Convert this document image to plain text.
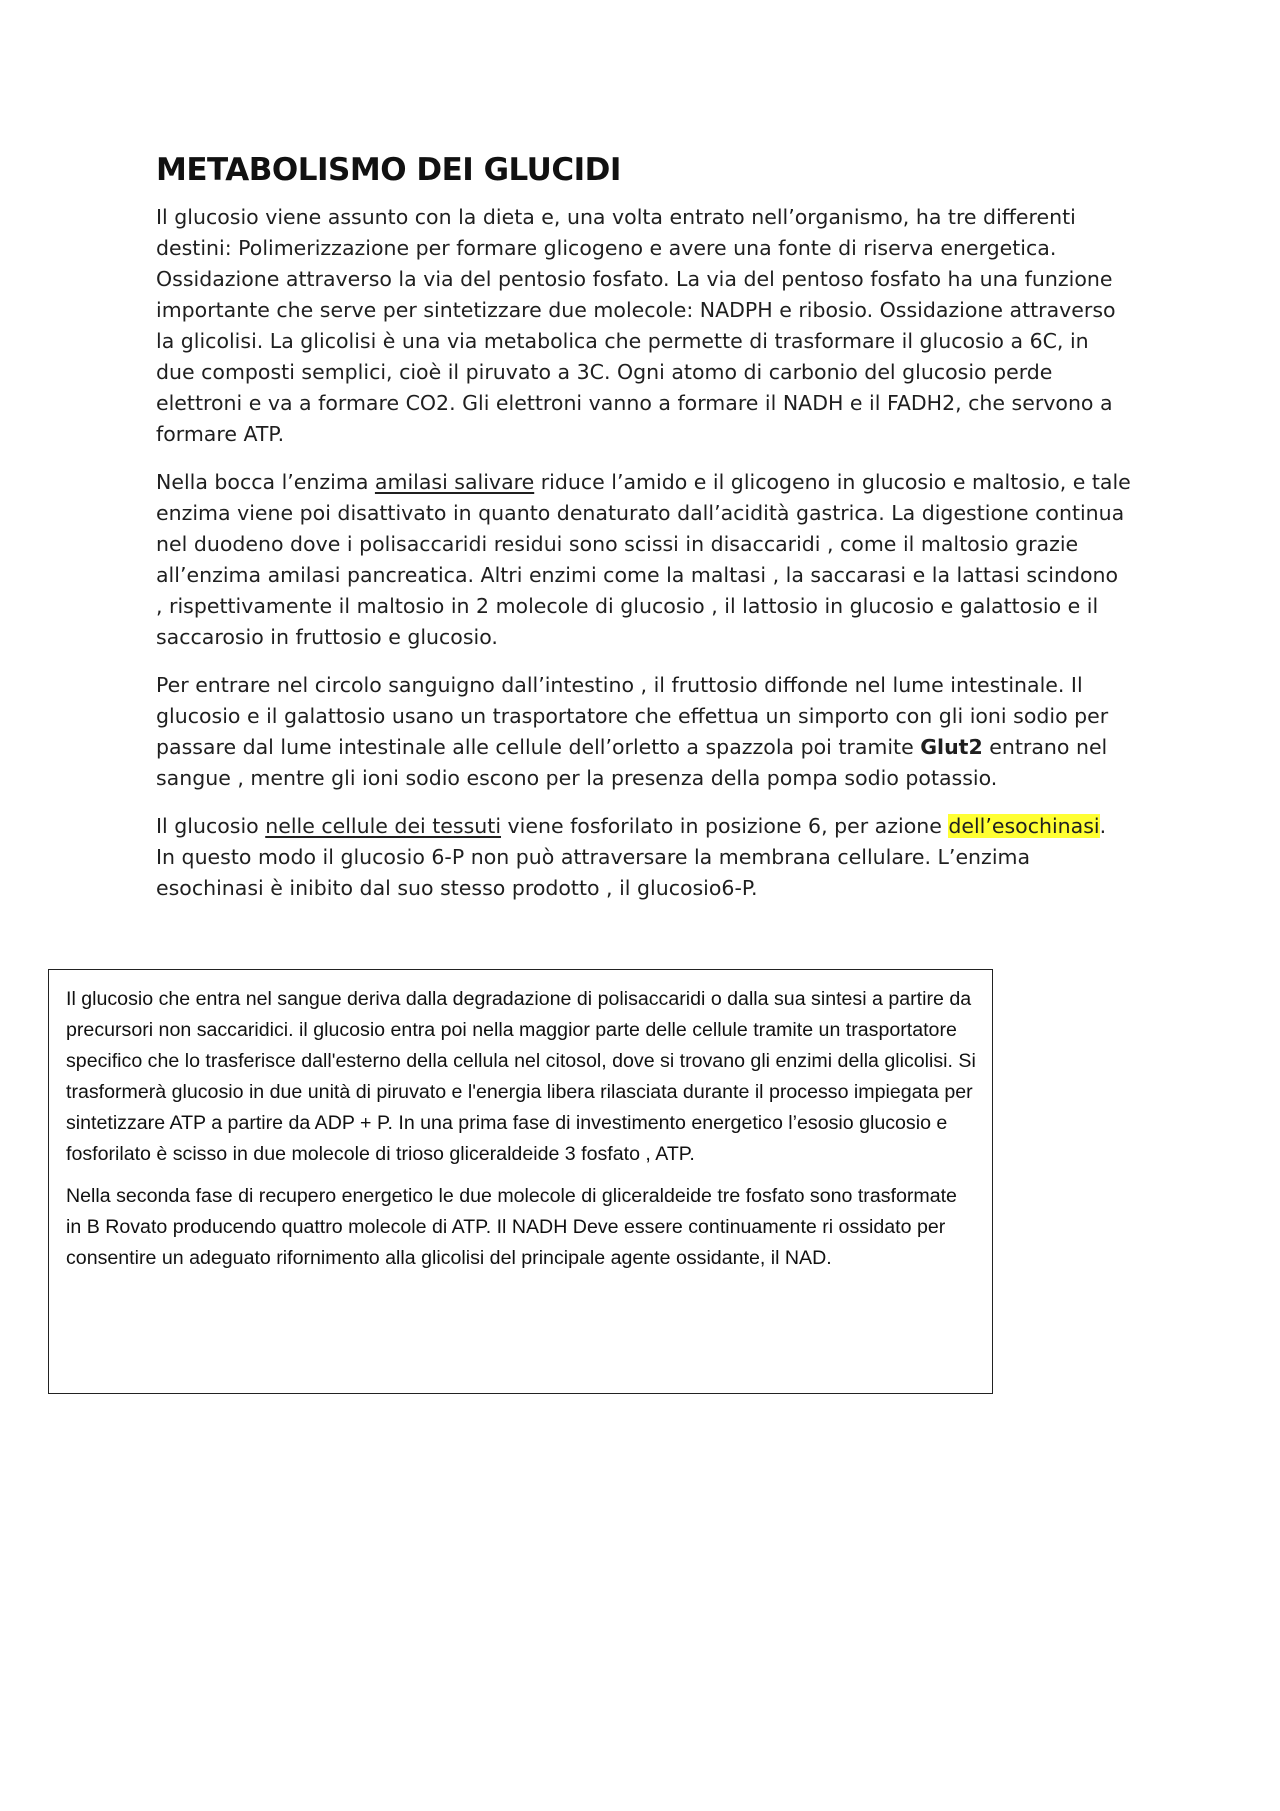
METABOLISMO DEI GLUCIDI
Il glucosio viene assunto con la dieta e, una volta entrato nell’organismo, ha tre differenti destini: Polimerizzazione per formare glicogeno e avere una fonte di riserva energetica. Ossidazione attraverso la via del pentosio fosfato. La via del pentoso fosfato ha una funzione importante che serve per sintetizzare due molecole: NADPH e ribosio. Ossidazione attraverso la glicolisi. La glicolisi è una via metabolica che permette di trasformare il glucosio a 6C, in due composti semplici, cioè il piruvato a 3C. Ogni atomo di carbonio del glucosio perde elettroni e va a formare CO2. Gli elettroni vanno a formare il NADH e il FADH2, che servono a formare ATP.
Nella bocca l’enzima amilasi salivare riduce l’amido e il glicogeno in glucosio e maltosio, e tale enzima viene poi disattivato in quanto denaturato dall’acidità gastrica. La digestione continua nel duodeno dove i polisaccaridi residui sono scissi in disaccaridi , come il maltosio grazie all’enzima amilasi pancreatica. Altri enzimi come la maltasi , la saccarasi e la lattasi scindono , rispettivamente il maltosio in 2 molecole di glucosio , il lattosio in glucosio e galattosio e il saccarosio in fruttosio e glucosio.
Per entrare nel circolo sanguigno dall’intestino , il fruttosio diffonde nel lume intestinale. Il glucosio e il galattosio usano un trasportatore che effettua un simporto con gli ioni sodio per passare dal lume intestinale alle cellule dell’orletto a spazzola poi tramite Glut2 entrano nel sangue , mentre gli ioni sodio escono per la presenza della pompa sodio potassio.
Il glucosio nelle cellule dei tessuti viene fosforilato in posizione 6, per azione dell’esochinasi. In questo modo il glucosio 6-P non può attraversare la membrana cellulare. L’enzima esochinasi è inibito dal suo stesso prodotto , il glucosio6-P.
Il glucosio che entra nel sangue deriva dalla degradazione di polisaccaridi o dalla sua sintesi a partire da precursori non saccaridici. il glucosio entra poi nella maggior parte delle cellule tramite un trasportatore specifico che lo trasferisce dall'esterno della cellula nel citosol, dove si trovano gli enzimi della glicolisi. Si trasformerà glucosio in due unità di piruvato e l'energia libera rilasciata durante il processo impiegata per sintetizzare ATP a partire da ADP + P. In una prima fase di investimento energetico l’esosio glucosio e fosforilato è scisso in due molecole di trioso gliceraldeide 3 fosfato , ATP.
Nella seconda fase di recupero energetico le due molecole di gliceraldeide tre fosfato sono trasformate in B Rovato producendo quattro molecole di ATP. Il NADH Deve essere continuamente ri ossidato per consentire un adeguato rifornimento alla glicolisi del principale agente ossidante, il NAD.
